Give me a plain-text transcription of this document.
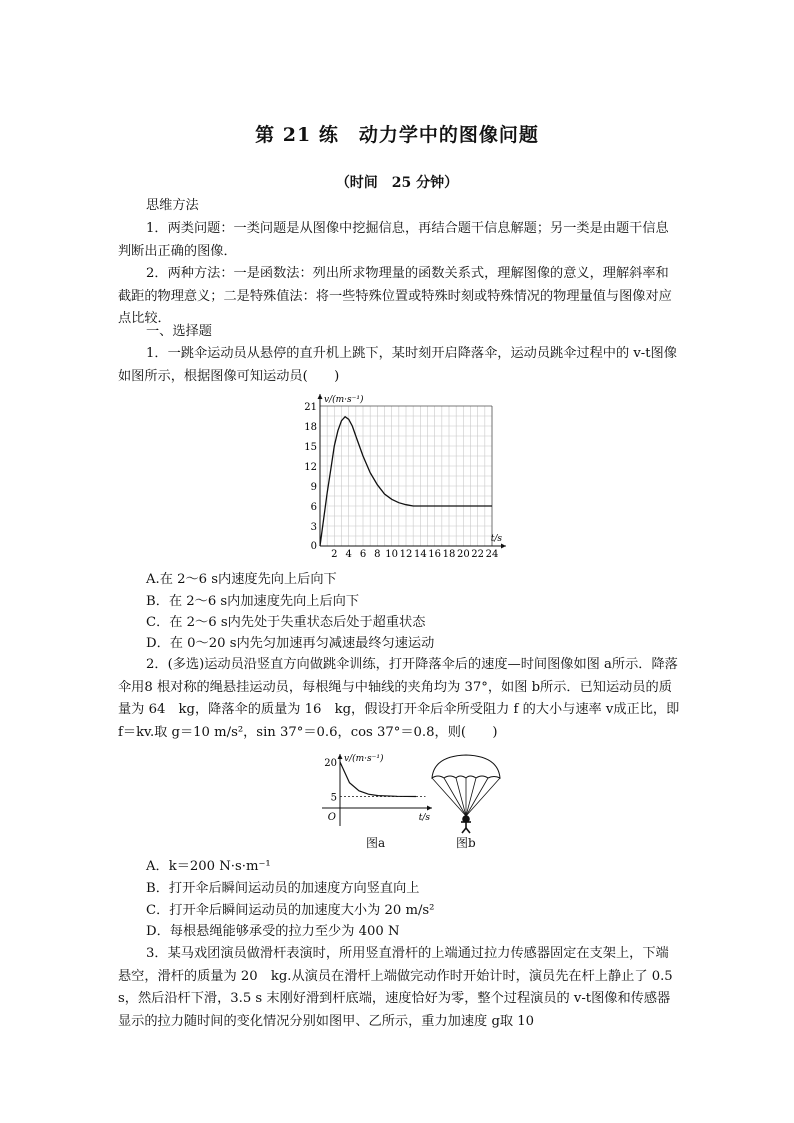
第 21 练　动力学中的图像问题
（时间　25 分钟）
思维方法
1．两类问题：一类问题是从图像中挖掘信息，再结合题干信息解题；另一类是由题干信息判断出正确的图像．
2．两种方法：一是函数法：列出所求物理量的函数关系式，理解图像的意义，理解斜率和截距的物理意义；二是特殊值法：将一些特殊位置或特殊时刻或特殊情况的物理量值与图像对应点比较．
一、选择题
1．一跳伞运动员从悬停的直升机上跳下，某时刻开启降落伞，运动员跳伞过程中的 v-t图像如图所示，根据图像可知运动员(　　)
2 4 6 8 10 12 14 16 18 20 22 24
3
6
9
12
15
18
21
0
v/(m·s⁻¹)
t/s
A.在 2～6 s内速度先向上后向下
B．在 2～6 s内加速度先向上后向下
C．在 2～6 s内先处于失重状态后处于超重状态
D．在 0～20 s内先匀加速再匀减速最终匀速运动
2．(多选)运动员沿竖直方向做跳伞训练，打开降落伞后的速度—时间图像如图 a所示．降落伞用8 根对称的绳悬挂运动员，每根绳与中轴线的夹角均为 37°，如图 b所示．已知运动员的质量为 64　kg，降落伞的质量为 16　kg，假设打开伞后伞所受阻力 f 的大小与速率 v成正比，即 f＝kv.取 g＝10 m/s²，sin 37°＝0.6，cos 37°＝0.8，则(　　)
5
20
O
v/(m·s⁻¹)
t/s
图a	图b
A．k＝200 N·s·m⁻¹
B．打开伞后瞬间运动员的加速度方向竖直向上
C．打开伞后瞬间运动员的加速度大小为 20 m/s²
D．每根悬绳能够承受的拉力至少为 400 N
3．某马戏团演员做滑杆表演时，所用竖直滑杆的上端通过拉力传感器固定在支架上，下端悬空，滑杆的质量为 20　kg.从演员在滑杆上端做完动作时开始计时，演员先在杆上静止了 0.5 s，然后沿杆下滑，3.5 s 末刚好滑到杆底端，速度恰好为零，整个过程演员的 v-t图像和传感器显示的拉力随时间的变化情况分别如图甲、乙所示，重力加速度 g取 10
